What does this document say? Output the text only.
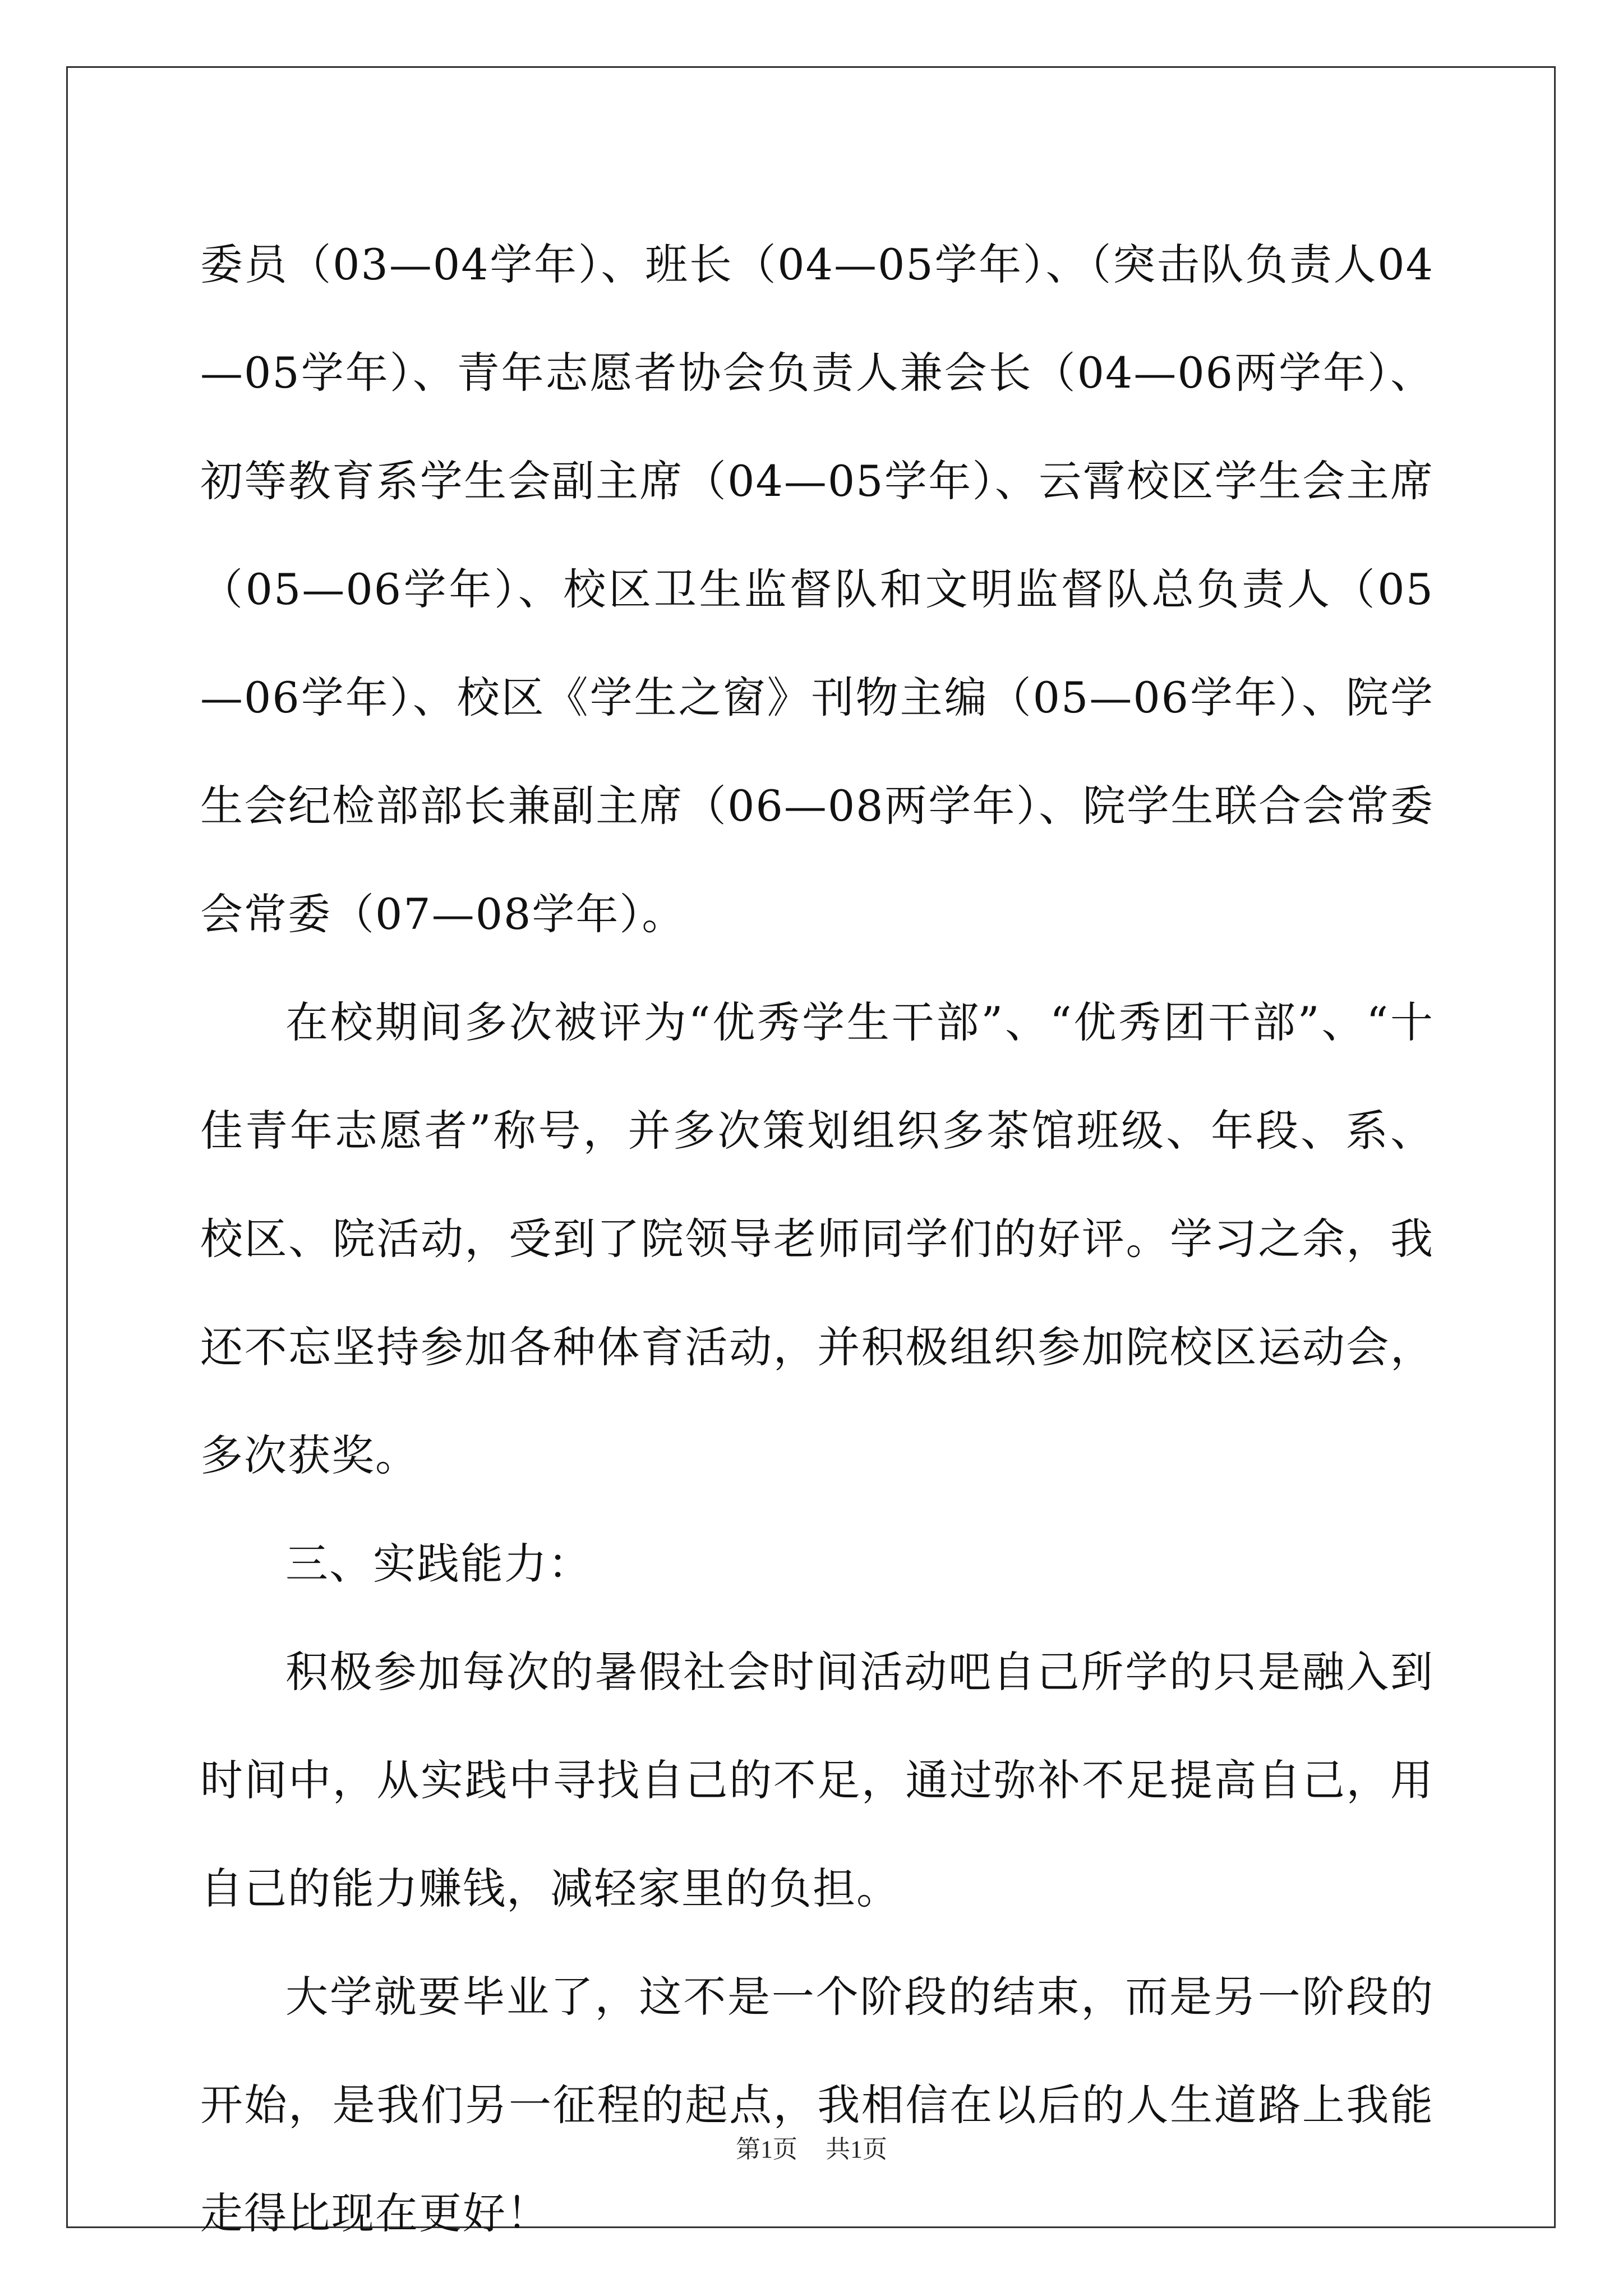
委员（03—04学年）、班长（04—05学年）、（突击队负责人04—05学年）、青年志愿者协会负责人兼会长（04—06两学年）、初等教育系学生会副主席（04—05学年）、云霄校区学生会主席（05—06学年）、校区卫生监督队和文明监督队总负责人（05—06学年）、校区《学生之窗》刊物主编（05—06学年）、院学生会纪检部部长兼副主席（06—08两学年）、院学生联合会常委会常委（07—08学年）。

在校期间多次被评为“优秀学生干部”、“优秀团干部”、“十佳青年志愿者”称号，并多次策划组织多茶馆班级、年段、系、校区、院活动，受到了院领导老师同学们的好评。学习之余，我还不忘坚持参加各种体育活动，并积极组织参加院校区运动会，多次获奖。

三、实践能力：

积极参加每次的暑假社会时间活动吧自己所学的只是融入到时间中，从实践中寻找自己的不足，通过弥补不足提高自己，用自己的能力赚钱，减轻家里的负担。

大学就要毕业了，这不是一个阶段的结束，而是另一阶段的开始，是我们另一征程的起点，我相信在以后的人生道路上我能走得比现在更好！

第1页 共1页
